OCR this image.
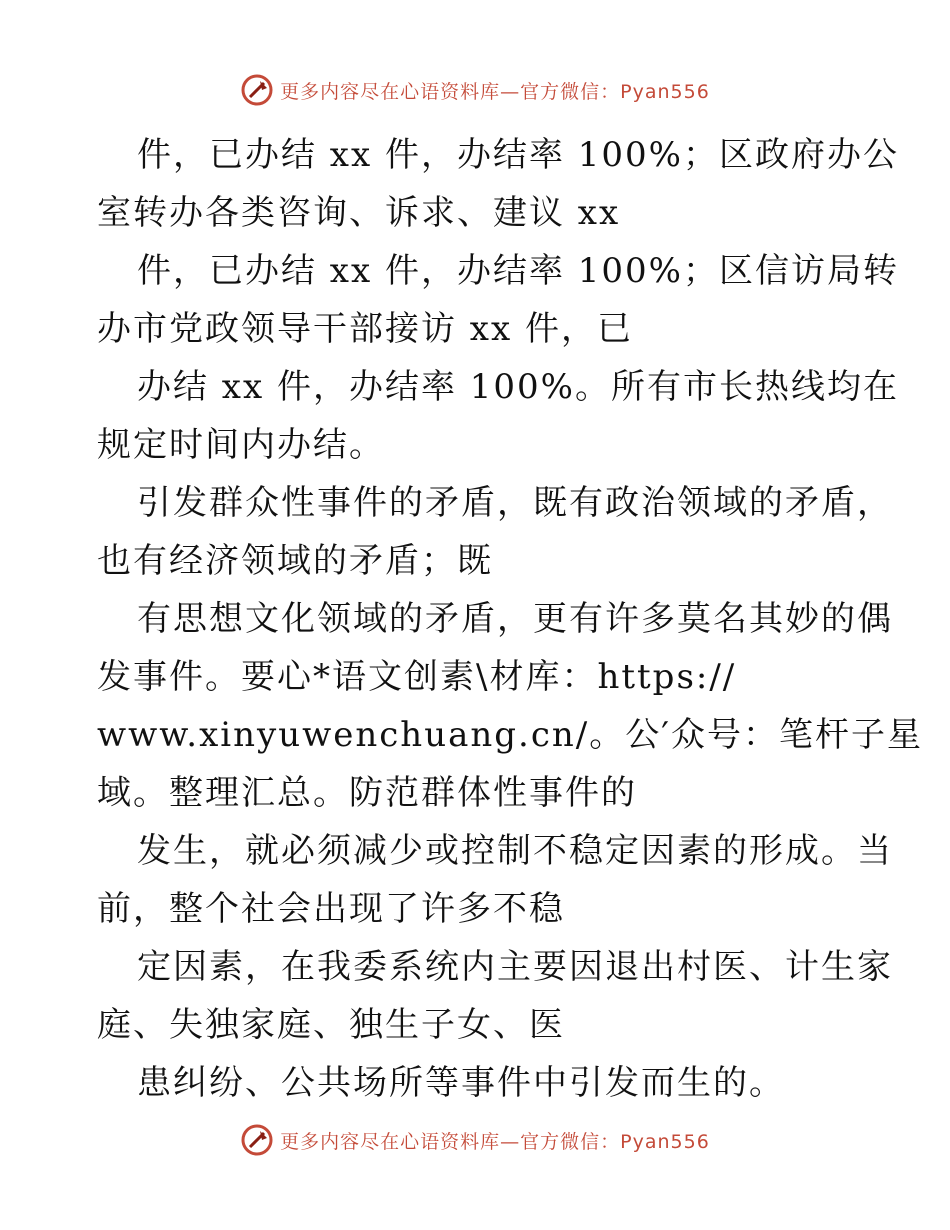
更多内容尽在心语资料库—官方微信：Pyan556
件，已办结 xx 件，办结率 100%；区政府办公
室转办各类咨询、诉求、建议 xx
件，已办结 xx 件，办结率 100%；区信访局转
办市党政领导干部接访 xx 件，已
办结 xx 件，办结率 100%。所有市长热线均在
规定时间内办结。
引发群众性事件的矛盾，既有政治领域的矛盾，
也有经济领域的矛盾；既
有思想文化领域的矛盾，更有许多莫名其妙的偶
发事件。要心*语文创素\材库：https://
www.xinyuwenchuang.cn/。公′众号：笔杆子星
域。整理汇总。防范群体性事件的
发生，就必须减少或控制不稳定因素的形成。当
前，整个社会出现了许多不稳
定因素，在我委系统内主要因退出村医、计生家
庭、失独家庭、独生子女、医
患纠纷、公共场所等事件中引发而生的。
更多内容尽在心语资料库—官方微信：Pyan556
